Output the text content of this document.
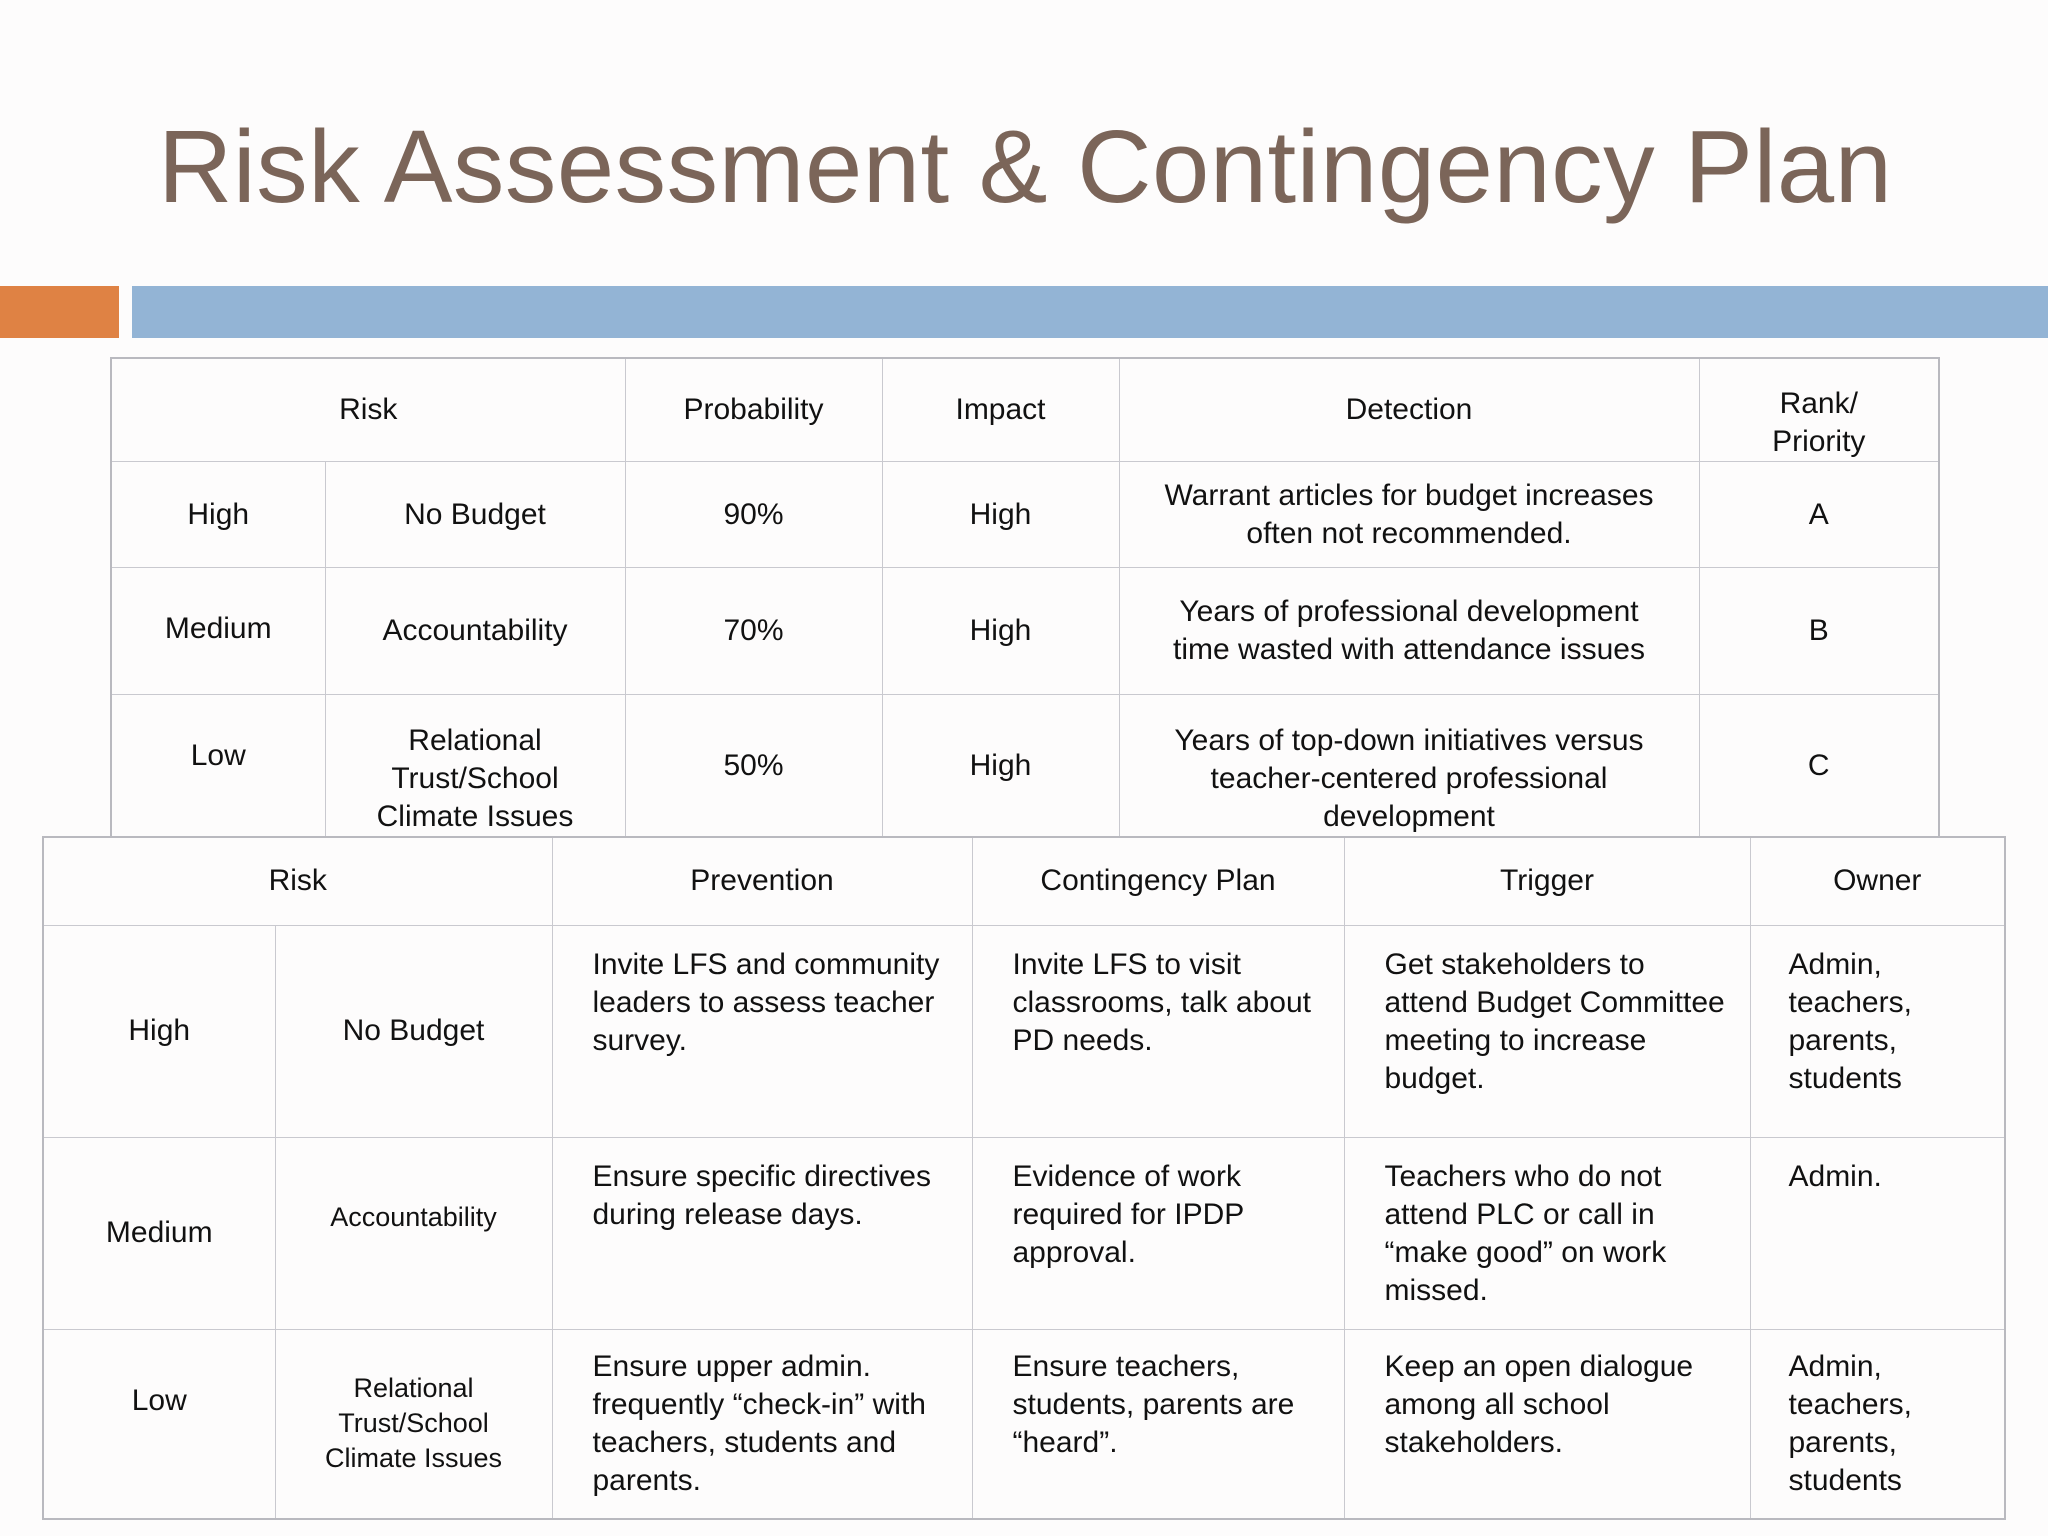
Risk Assessment & Contingency Plan
Risk		Probability	Impact	Detection	Rank/ Priority
High	No Budget	90%	High	Warrant articles for budget increases often not recommended.	A
Medium	Accountability	70%	High	Years of professional development time wasted with attendance issues	B
Low	Relational Trust/School Climate Issues	50%	High	Years of top-down initiatives versus teacher-centered professional development	C
Risk		Prevention	Contingency Plan	Trigger	Owner
High	No Budget	Invite LFS and community leaders to assess teacher survey.	Invite LFS to visit classrooms, talk about PD needs.	Get stakeholders to attend Budget Committee meeting to increase budget.	Admin, teachers, parents, students

Medium	Accountability	Ensure specific directives during release days.	Evidence of work required for IPDP approval.	Teachers who do not attend PLC or call in “make good” on work missed.	Admin.

Low	Relational Trust/School Climate Issues	Ensure upper admin. frequently “check-in” with teachers, students and parents.	Ensure teachers, students, parents are “heard”.	Keep an open dialogue among all school stakeholders.	Admin, teachers, parents, students
